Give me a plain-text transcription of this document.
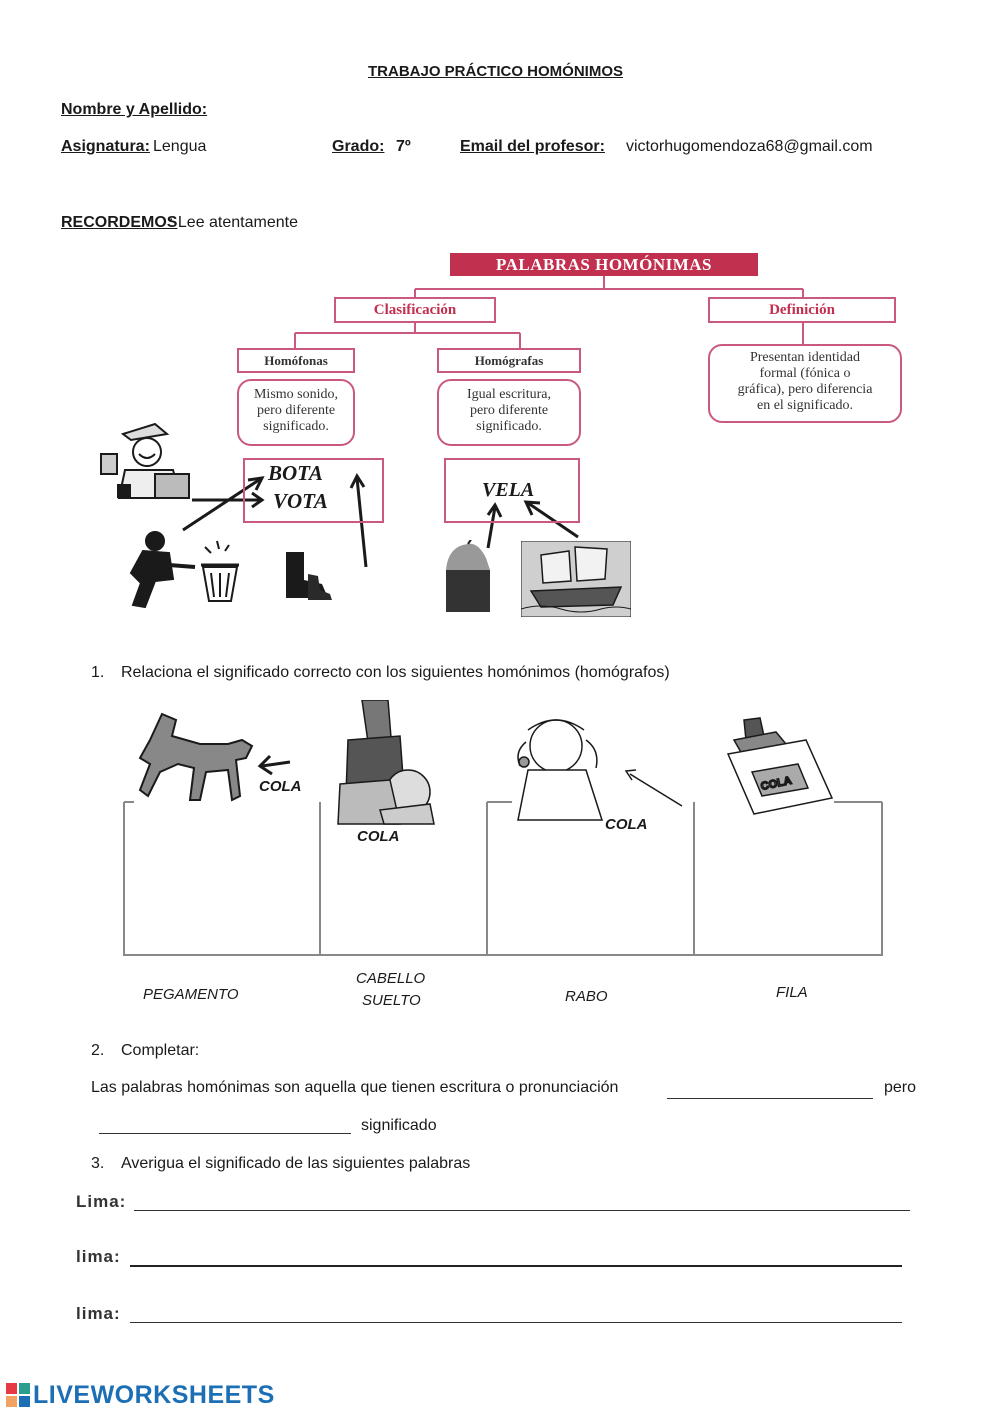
TRABAJO PRÁCTICO HOMÓNIMOS
Nombre y Apellido:
Asignatura: Lengua	Grado: 7º	Email del profesor: victorhugomendoza68@gmail.com
RECORDEMOS
: Lee atentamente
PALABRAS HOMÓNIMAS
Clasificación	Definición
Homófonas	Homógrafas
Mismo sonido,
pero diferente
significado.
Igual escritura,
pero diferente
significado.
Presentan identidad
formal (fónica o
gráfica), pero diferencia
en el significado.
BOTA
VOTA	VELA
1. Relaciona el significado correcto con los siguientes homónimos (homógrafos)
COLA
COLA
COLA
COLA
PEGAMENTO
CABELLO
SUELTO	RABO	FILA
2. Completar:
Las palabras homónimas son aquella que tienen escritura o pronunciación	pero
significado
3. Averigua el significado de las siguientes palabras
Lima:
lima:
lima:
LIVEWORKSHEETS
